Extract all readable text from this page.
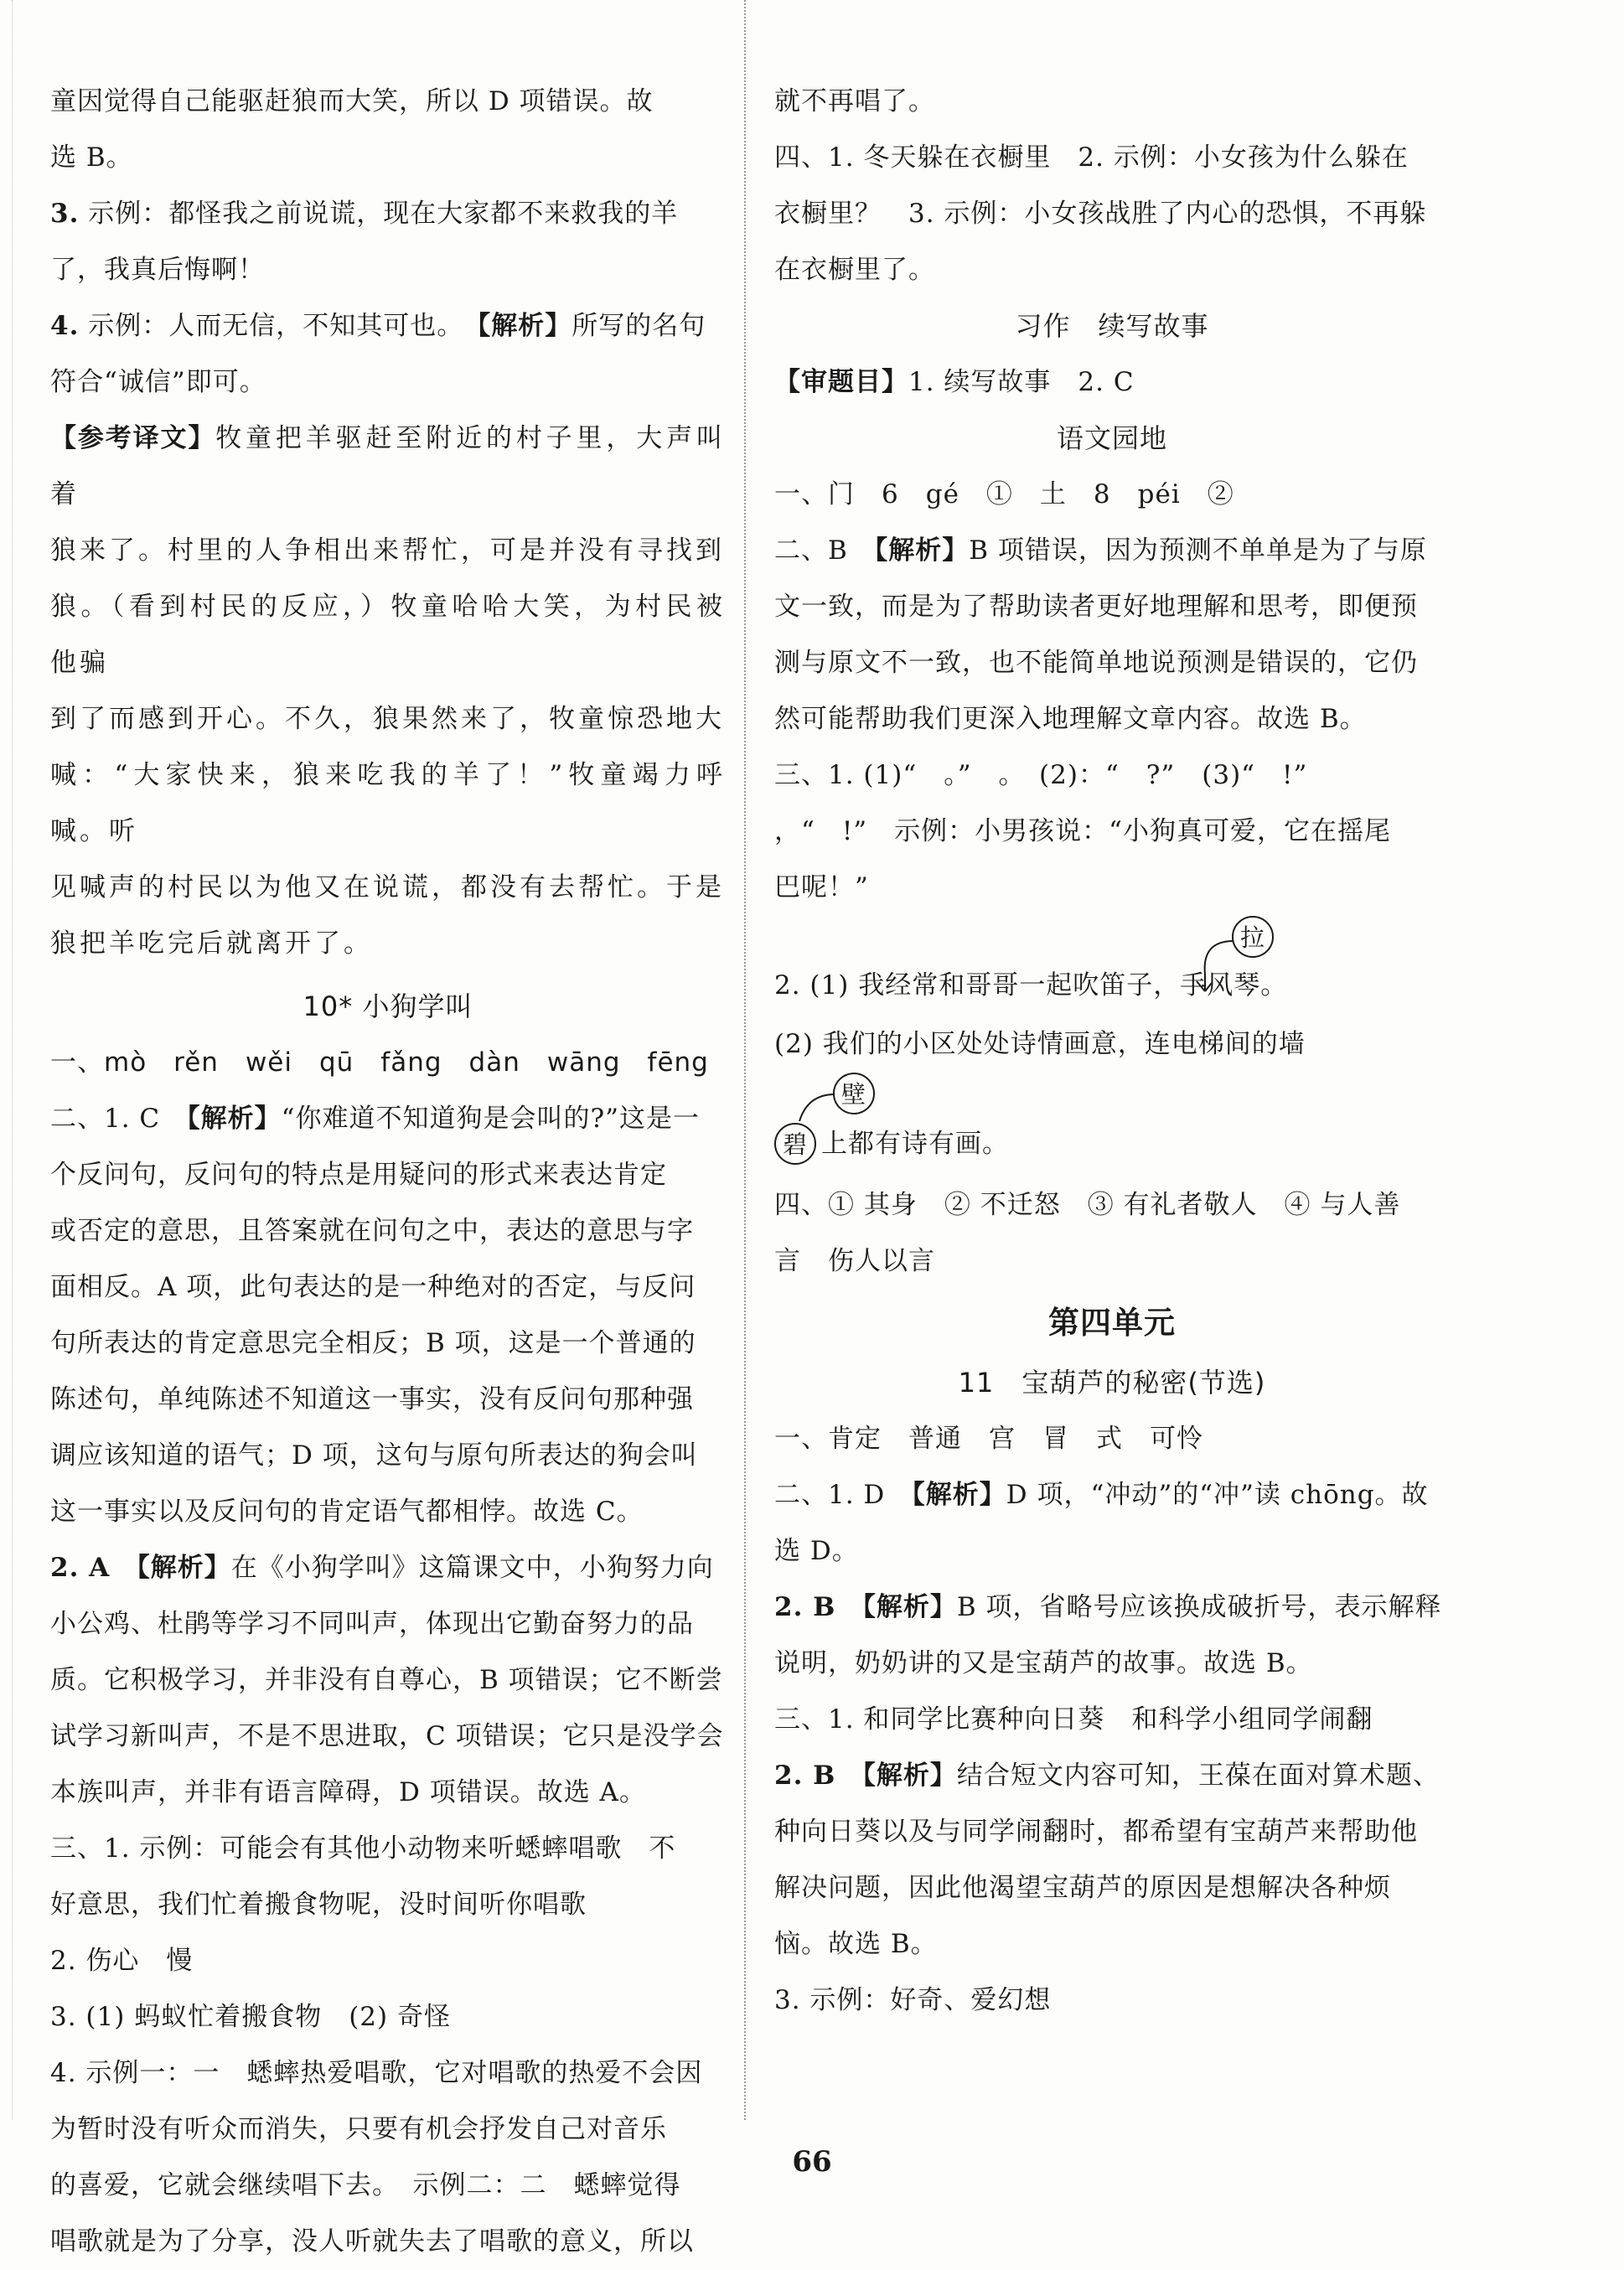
童因觉得自己能驱赶狼而大笑，所以 D 项错误。故

选 B。

3. 示例：都怪我之前说谎，现在大家都不来救我的羊

了，我真后悔啊！

4. 示例：人而无信，不知其可也。　 【解析】所写的名句

符合“诚信”即可。

【参考译文】牧童把羊驱赶至附近的村子里，大声叫着

狼来了。村里的人争相出来帮忙，可是并没有寻找到

狼。（看到村民的反应，）牧童哈哈大笑，为村民被他骗

到了而感到开心。不久，狼果然来了，牧童惊恐地大

喊：“大家快来，狼来吃我的羊了！”牧童竭力呼喊。听

见喊声的村民以为他又在说谎，都没有去帮忙。于是

狼把羊吃完后就离开了。

10* 小狗学叫

一、mò　rěn　wěi　qū　fǎng　dàn　wāng　fēng

二、1. C　 【解析】“你难道不知道狗是会叫的?”这是一

个反问句，反问句的特点是用疑问的形式来表达肯定

或否定的意思，且答案就在问句之中，表达的意思与字

面相反。A 项，此句表达的是一种绝对的否定，与反问

句所表达的肯定意思完全相反；B 项，这是一个普通的

陈述句，单纯陈述不知道这一事实，没有反问句那种强

调应该知道的语气；D 项，这句与原句所表达的狗会叫

这一事实以及反问句的肯定语气都相悖。故选 C。

2. A　 【解析】在《小狗学叫》这篇课文中，小狗努力向

小公鸡、杜鹃等学习不同叫声，体现出它勤奋努力的品

质。它积极学习，并非没有自尊心，B 项错误；它不断尝

试学习新叫声，不是不思进取，C 项错误；它只是没学会

本族叫声，并非有语言障碍，D 项错误。故选 A。

三、1. 示例：可能会有其他小动物来听蟋蟀唱歌　不

好意思，我们忙着搬食物呢，没时间听你唱歌

2. 伤心　慢

3. (1) 蚂蚁忙着搬食物　(2) 奇怪

4. 示例一：一　蟋蟀热爱唱歌，它对唱歌的热爱不会因

为暂时没有听众而消失，只要有机会抒发自己对音乐

的喜爱，它就会继续唱下去。　示例二：二　蟋蟀觉得

唱歌就是为了分享，没人听就失去了唱歌的意义，所以

就不再唱了。

四、1. 冬天躲在衣橱里　2. 示例：小女孩为什么躲在

衣橱里？　3. 示例：小女孩战胜了内心的恐惧，不再躲

在衣橱里了。

习作　续写故事

【审题目】1. 续写故事　2. C

语文园地

一、门　6　gé　①　土　8　péi　②

二、B　 【解析】B 项错误，因为预测不单单是为了与原

文一致，而是为了帮助读者更好地理解和思考，即便预

测与原文不一致，也不能简单地说预测是错误的，它仍

然可能帮助我们更深入地理解文章内容。故选 B。

三、1. (1)“　。”　。　(2)：“　?”　(3)“　!”

，“　!”　示例：小男孩说：“小狗真可爱，它在摇尾

巴呢！”

拉

2. (1) 我经常和哥哥一起吹笛子，手风琴。

(2) 我们的小区处处诗情画意，连电梯间的墙

壁
碧 上都有诗有画。

四、① 其身　② 不迁怒　③ 有礼者敬人　④ 与人善

言　伤人以言

第四单元

11　宝葫芦的秘密(节选)

一、肯定　普通　宫　冒　式　可怜

二、1. D　 【解析】D 项，“冲动”的“冲”读 chōng。故

选 D。

2. B　 【解析】B 项，省略号应该换成破折号，表示解释

说明，奶奶讲的又是宝葫芦的故事。故选 B。

三、1. 和同学比赛种向日葵　和科学小组同学闹翻

2. B　 【解析】结合短文内容可知，王葆在面对算术题、

种向日葵以及与同学闹翻时，都希望有宝葫芦来帮助他

解决问题，因此他渴望宝葫芦的原因是想解决各种烦

恼。故选 B。

3. 示例：好奇、爱幻想

66
